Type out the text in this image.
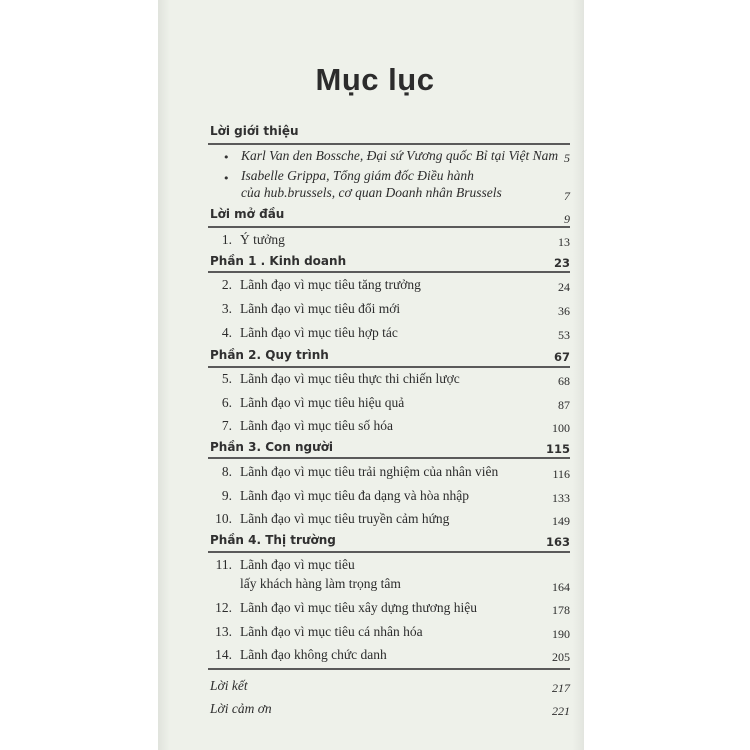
Mục lục
Lời giới thiệu
• Karl Van den Bossche, Đại sứ Vương quốc Bỉ tại Việt Nam 5
• Isabelle Grippa, Tổng giám đốc Điều hành
của hub.brussels, cơ quan Doanh nhân Brussels	7
Lời mở đầu	9
1. Ý tưởng	13
Phần 1 . Kinh doanh	23
2. Lãnh đạo vì mục tiêu tăng trưởng	24
3. Lãnh đạo vì mục tiêu đổi mới	36
4. Lãnh đạo vì mục tiêu hợp tác	53
Phần 2. Quy trình	67
5. Lãnh đạo vì mục tiêu thực thi chiến lược	68
6. Lãnh đạo vì mục tiêu hiệu quả	87
7. Lãnh đạo vì mục tiêu số hóa	100
Phần 3. Con người	115
8. Lãnh đạo vì mục tiêu trải nghiệm của nhân viên	116
9. Lãnh đạo vì mục tiêu đa dạng và hòa nhập	133
10. Lãnh đạo vì mục tiêu truyền cảm hứng	149
Phần 4. Thị trường	163
11. Lãnh đạo vì mục tiêu
lấy khách hàng làm trọng tâm	164
12. Lãnh đạo vì mục tiêu xây dựng thương hiệu	178
13. Lãnh đạo vì mục tiêu cá nhân hóa	190
14. Lãnh đạo không chức danh	205
Lời kết	217
Lời cảm ơn	221
